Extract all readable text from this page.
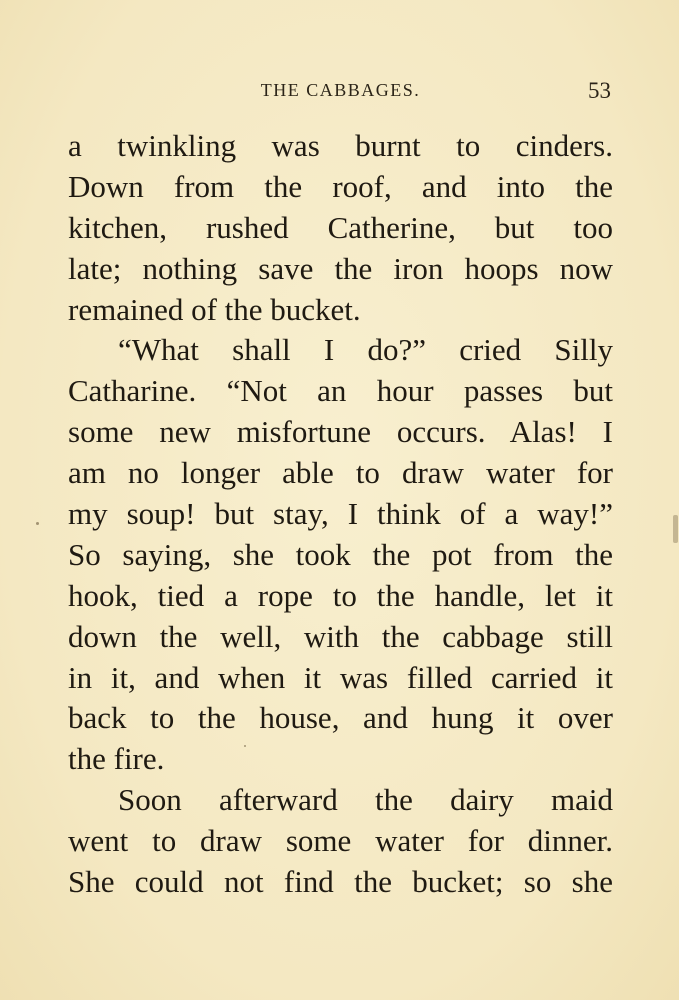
THE CABBAGES.	53
a twinkling was burnt to cinders.
Down from the roof, and into the
kitchen, rushed Catherine, but too
late; nothing save the iron hoops now
remained of the bucket.
“What shall I do?” cried Silly
Catharine. “Not an hour passes but
some new misfortune occurs. Alas! I
am no longer able to draw water for
my soup! but stay, I think of a way!”
So saying, she took the pot from the
hook, tied a rope to the handle, let it
down the well, with the cabbage still
in it, and when it was filled carried it
back to the house, and hung it over
the fire.
Soon afterward the dairy maid
went to draw some water for dinner.
She could not find the bucket; so she
